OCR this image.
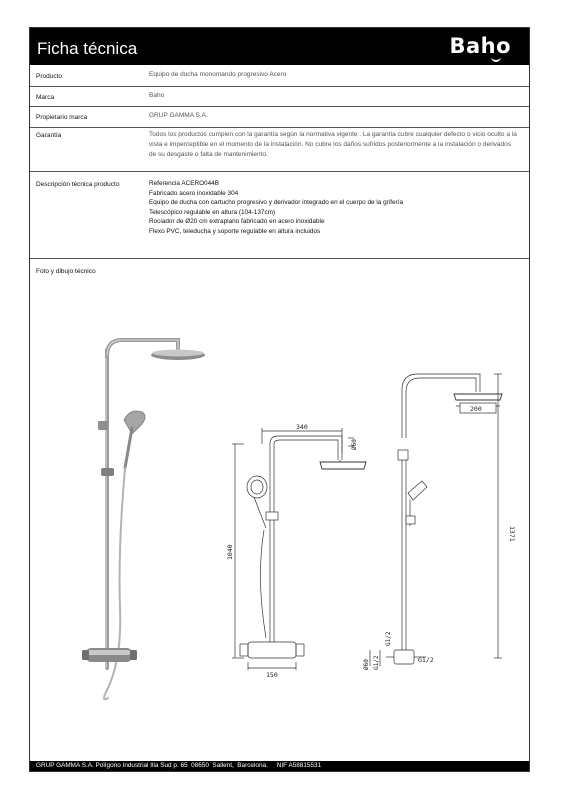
Ficha técnica	Baho
Producto	Equipo de ducha monomando progresivo Acero
Marca	Baho
Propietario marca	GRUP GAMMA S.A.
Garantía	Todos los productos cumplen con la garantía según la normativa vigente . La garantía cubre cualquier defecto o vicio oculto a la
vista e imperceptible en el momento de la instalación. No cubre los daños sufridos posteriormente a la instalación o derivados
de su desgaste o falta de mantenimiento.
Descripción técnica producto	Referencia ACERO044B
Fabricado acero inoxidable 304
Equipo de ducha con cartucho progresivo y derivador integrado en el cuerpo de la grifería
Telescópico regulable en altura (104-137cm)
Rociador de Ø20 cm extraplano fabricado en acero inoxidable
Flexo PVC, teleducha y soporte regulable en altura incluidos
Foto y dibujo técnico
340
Ø60
1040
150
Ø60 G1/2
200
1371
G1/2
G1/2
GRUP GAMMA S.A. Polígono Industrial Illa Sud p. 65  08650  Sallent,  Barcelona.     NIF A58815531
